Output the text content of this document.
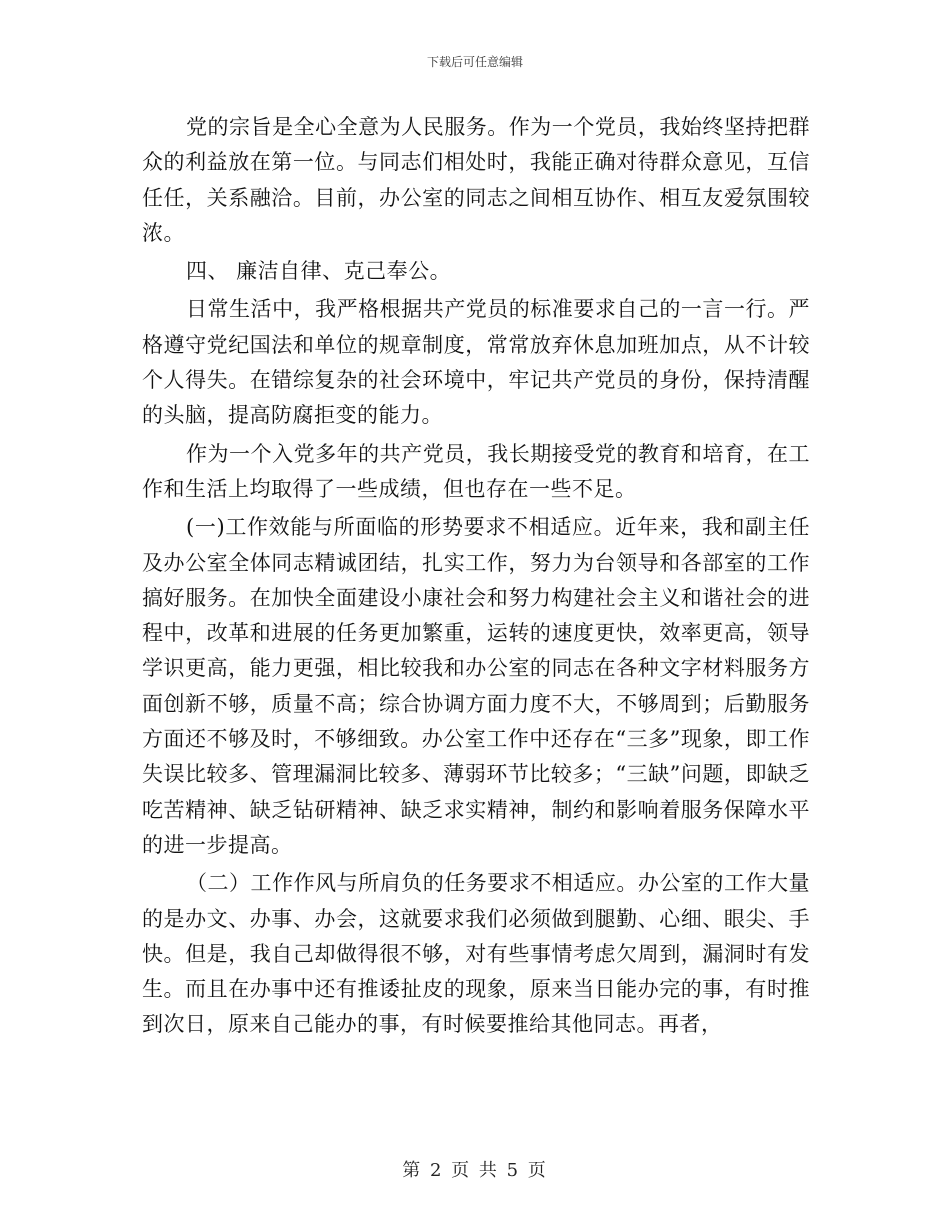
下载后可任意编辑

党的宗旨是全心全意为人民服务。作为一个党员，我始终坚持把群众的利益放在第一位。与同志们相处时，我能正确对待群众意见，互信任任，关系融洽。目前，办公室的同志之间相互协作、相互友爱氛围较浓。

四、 廉洁自律、克己奉公。

日常生活中，我严格根据共产党员的标准要求自己的一言一行。严格遵守党纪国法和单位的规章制度，常常放弃休息加班加点，从不计较个人得失。在错综复杂的社会环境中，牢记共产党员的身份，保持清醒的头脑，提高防腐拒变的能力。

作为一个入党多年的共产党员，我长期接受党的教育和培育，在工作和生活上均取得了一些成绩，但也存在一些不足。

(一)工作效能与所面临的形势要求不相适应。近年来，我和副主任及办公室全体同志精诚团结，扎实工作，努力为台领导和各部室的工作搞好服务。在加快全面建设小康社会和努力构建社会主义和谐社会的进程中，改革和进展的任务更加繁重，运转的速度更快，效率更高，领导学识更高，能力更强，相比较我和办公室的同志在各种文字材料服务方面创新不够，质量不高；综合协调方面力度不大，不够周到；后勤服务方面还不够及时，不够细致。办公室工作中还存在“三多”现象，即工作失误比较多、管理漏洞比较多、薄弱环节比较多；“三缺”问题，即缺乏吃苦精神、缺乏钻研精神、缺乏求实精神，制约和影响着服务保障水平的进一步提高。

（二）工作作风与所肩负的任务要求不相适应。办公室的工作大量的是办文、办事、办会，这就要求我们必须做到腿勤、心细、眼尖、手快。但是，我自己却做得很不够，对有些事情考虑欠周到，漏洞时有发生。而且在办事中还有推诿扯皮的现象，原来当日能办完的事，有时推到次日，原来自己能办的事，有时候要推给其他同志。再者，

第 2 页 共 5 页
